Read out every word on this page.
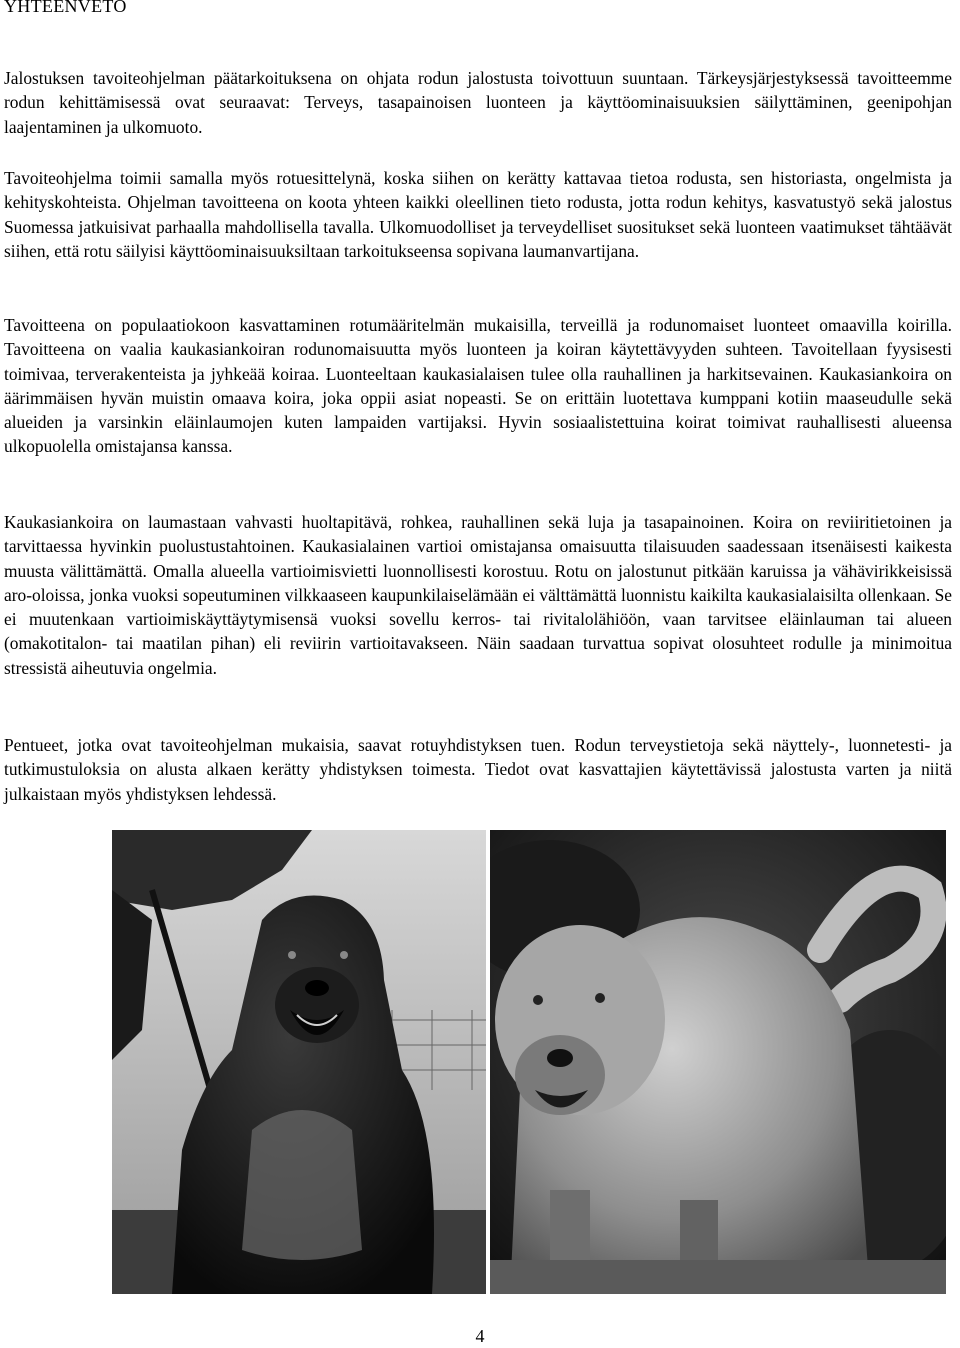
YHTEENVETO

Jalostuksen tavoiteohjelman päätarkoituksena on ohjata rodun jalostusta toivottuun suuntaan. Tärkeysjärjestyksessä tavoitteemme rodun kehittämisessä ovat seuraavat: Terveys, tasapainoisen luonteen ja käyttöominaisuuksien säilyttäminen, geenipohjan laajentaminen ja ulkomuoto.

Tavoiteohjelma toimii samalla myös rotuesittelynä, koska siihen on kerätty kattavaa tietoa rodusta, sen historiasta, ongelmista ja kehityskohteista. Ohjelman tavoitteena on koota yhteen kaikki oleellinen tieto rodusta, jotta rodun kehitys, kasvatustyö sekä jalostus Suomessa jatkuisivat parhaalla mahdollisella tavalla. Ulkomuodolliset ja terveydelliset suositukset sekä luonteen vaatimukset tähtäävät siihen, että rotu säilyisi käyttöominaisuuksiltaan tarkoitukseensa sopivana laumanvartijana.

Tavoitteena on populaatiokoon kasvattaminen rotumääritelmän mukaisilla, terveillä ja rodunomaiset luonteet omaavilla koirilla. Tavoitteena on vaalia kaukasiankoiran rodunomaisuutta myös luonteen ja koiran käytettävyyden suhteen. Tavoitellaan fyysisesti toimivaa, terverakenteista ja jyhkeää koiraa. Luonteeltaan kaukasialaisen tulee olla rauhallinen ja harkitsevainen. Kaukasiankoira on äärimmäisen hyvän muistin omaava koira, joka oppii asiat nopeasti. Se on erittäin luotettava kumppani kotiin maaseudulle sekä alueiden ja varsinkin eläinlaumojen kuten lampaiden vartijaksi. Hyvin sosiaalistettuina koirat toimivat rauhallisesti alueensa ulkopuolella omistajansa kanssa.

Kaukasiankoira on laumastaan vahvasti huoltapitävä, rohkea, rauhallinen sekä luja ja tasapainoinen. Koira on reviiritietoinen ja tarvittaessa hyvinkin puolustustahtoinen. Kaukasialainen vartioi omistajansa omaisuutta tilaisuuden saadessaan itsenäisesti kaikesta muusta välittämättä. Omalla alueella vartioimisvietti luonnollisesti korostuu. Rotu on jalostunut pitkään karuissa ja vähävirikkeisissä aro-oloissa, jonka vuoksi sopeutuminen vilkkaaseen kaupunkilaiselämään ei välttämättä luonnistu kaikilta kaukasialaisilta ollenkaan. Se ei muutenkaan vartioimiskäyttäytymisensä vuoksi sovellu kerros- tai rivitalolähiöön, vaan tarvitsee eläinlauman tai alueen (omakotitalon- tai maatilan pihan) eli reviirin vartioitavakseen. Näin saadaan turvattua sopivat olosuhteet rodulle ja minimoitua stressistä aiheutuvia ongelmia.

Pentueet, jotka ovat tavoiteohjelman mukaisia, saavat rotuyhdistyksen tuen. Rodun terveystietoja sekä näyttely-, luonnetesti- ja tutkimustuloksia on alusta alkaen kerätty yhdistyksen toimesta. Tiedot ovat kasvattajien käytettävissä jalostusta varten ja niitä julkaistaan myös yhdistyksen lehdessä.

4
